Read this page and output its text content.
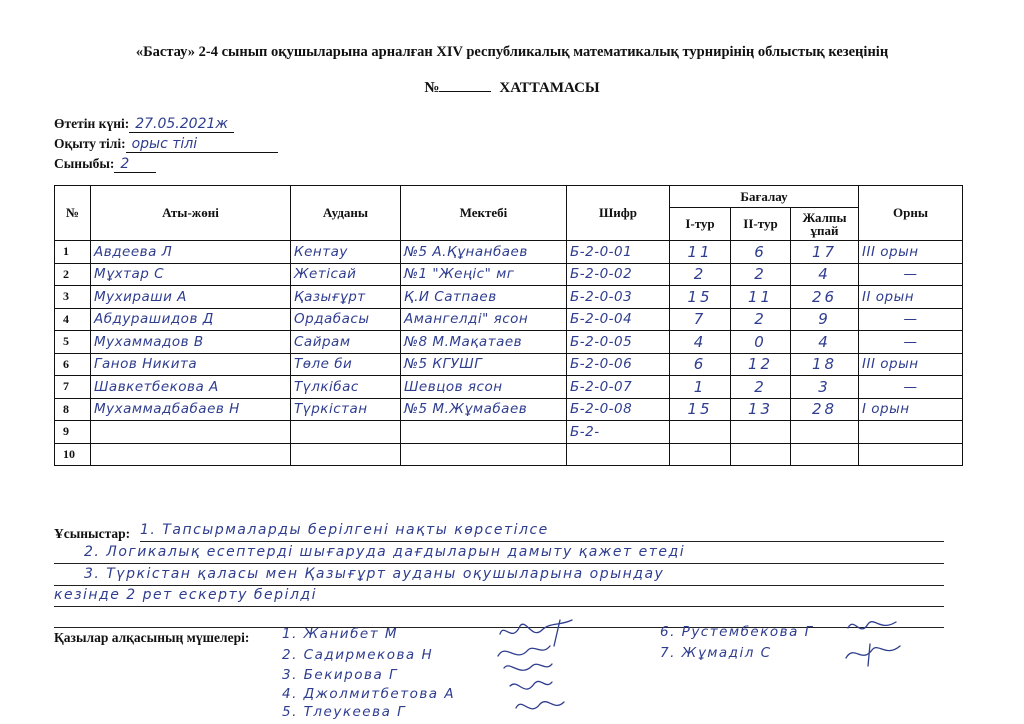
«Бастау» 2-4 сынып оқушыларына арналған XIV республикалық математикалық турнирінің облыстық кезеңінің
№	ХАТТАМАСЫ
Өтетін күні: 27.05.2021ж
Оқыту тілі: орыс тілі
Сыныбы: 2
№	Аты-жөні	Ауданы	Мектебі	Шифр	Бағалау			Орны
					І-тур	ІІ-тур	Жалпы ұпай	
1	Авдеева Л	Кентау	№5 А.Құнанбаев	Б-2-0-01	11	6	17	ІІІ орын
2	Мұхтар С	Жетісай	№1 "Жеңіс" мг	Б-2-0-02	2	2	4	—
3	Мухираши А	Қазығұрт	Қ.И Сатпаев	Б-2-0-03	15	11	26	ІІ орын
4	Абдурашидов Д	Ордабасы	Амангелді" ясон	Б-2-0-04	7	2	9	—
5	Мухаммадов В	Сайрам	№8 М.Мақатаев	Б-2-0-05	4	0	4	—
6	Ганов Никита	Төле би	№5 КГУШГ	Б-2-0-06	6	12	18	ІІІ орын
7	Шавкетбекова А	Түлкібас	Шевцов ясон	Б-2-0-07	1	2	3	—
8	Мухаммадбабаев Н	Түркістан	№5 М.Жұмабаев	Б-2-0-08	15	13	28	І орын
9				Б-2-				
10								
Ұсыныстар: 1. Тапсырмаларды берілгені нақты көрсетілсе
2. Логикалық есептерді шығаруда дағдыларын дамыту қажет етеді
3. Түркістан қаласы мен Қазығұрт ауданы оқушыларына орындау
кезінде 2 рет ескерту берілді
Қазылар алқасының мүшелері: 1. Жанибет М
2. Садирмекова Н
3. Бекирова Г
4. Джолмитбетова А
5. Тлеукеева Г
6. Рустембекова Г
7. Жұмаділ С
